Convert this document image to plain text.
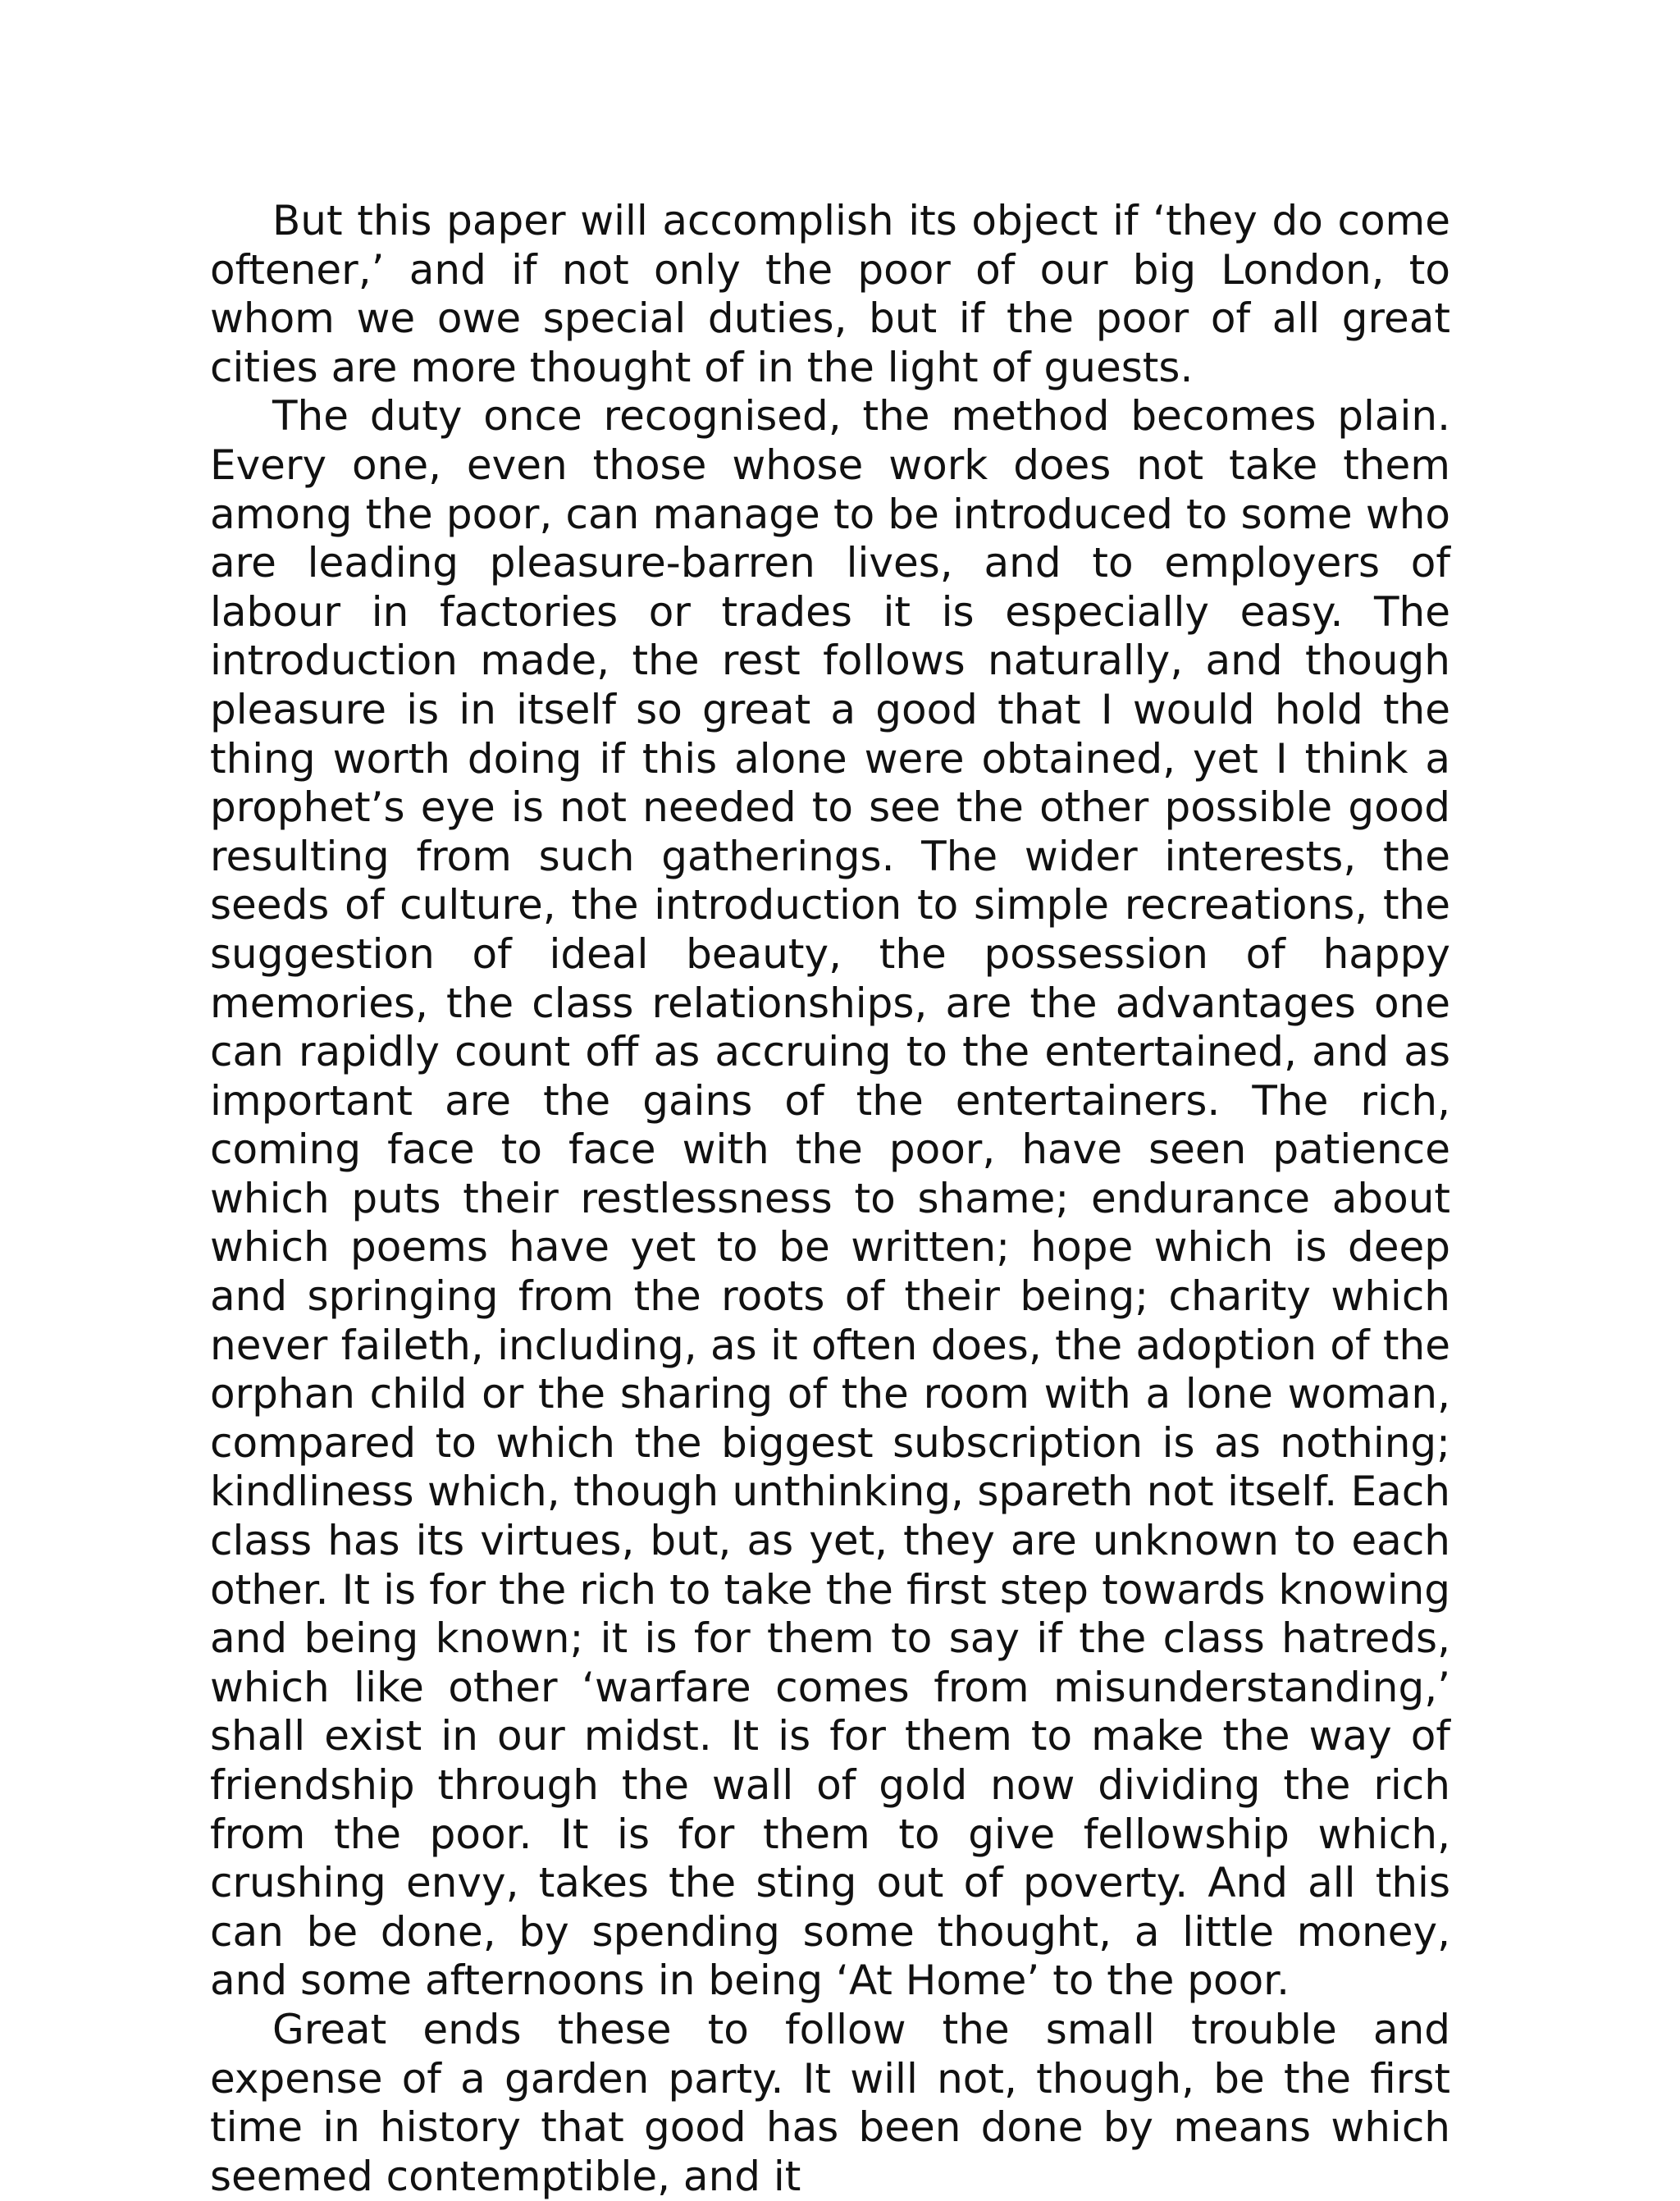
But this paper will accomplish its object if ‘they do come oftener,’ and if not only the poor of our big London, to whom we owe special duties, but if the poor of all great cities are more thought of in the light of guests.

The duty once recognised, the method becomes plain. Every one, even those whose work does not take them among the poor, can manage to be introduced to some who are leading pleasure-barren lives, and to employers of labour in factories or trades it is especially easy. The introduction made, the rest follows naturally, and though pleasure is in itself so great a good that I would hold the thing worth doing if this alone were obtained, yet I think a prophet’s eye is not needed to see the other possible good resulting from such gatherings. The wider interests, the seeds of culture, the introduction to simple recreations, the suggestion of ideal beauty, the possession of happy memories, the class relationships, are the advantages one can rapidly count off as accruing to the entertained, and as important are the gains of the entertainers. The rich, coming face to face with the poor, have seen patience which puts their restlessness to shame; endurance about which poems have yet to be written; hope which is deep and springing from the roots of their being; charity which never faileth, including, as it often does, the adoption of the orphan child or the sharing of the room with a lone woman, compared to which the biggest subscription is as nothing; kindliness which, though unthinking, spareth not itself. Each class has its virtues, but, as yet, they are unknown to each other. It is for the rich to take the first step towards knowing and being known; it is for them to say if the class hatreds, which like other ‘warfare comes from misunderstanding,’ shall exist in our midst. It is for them to make the way of friendship through the wall of gold now dividing the rich from the poor. It is for them to give fellowship which, crushing envy, takes the sting out of poverty. And all this can be done, by spending some thought, a little money, and some afternoons in being ‘At Home’ to the poor.

Great ends these to follow the small trouble and expense of a garden party. It will not, though, be the first time in history that good has been done by means which seemed contemptible, and it
